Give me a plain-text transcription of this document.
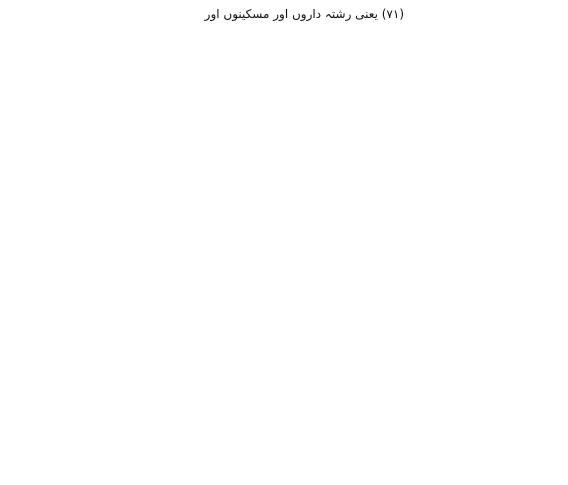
(٧١) یعنی رشتہ داروں اور مسکینوں اور
